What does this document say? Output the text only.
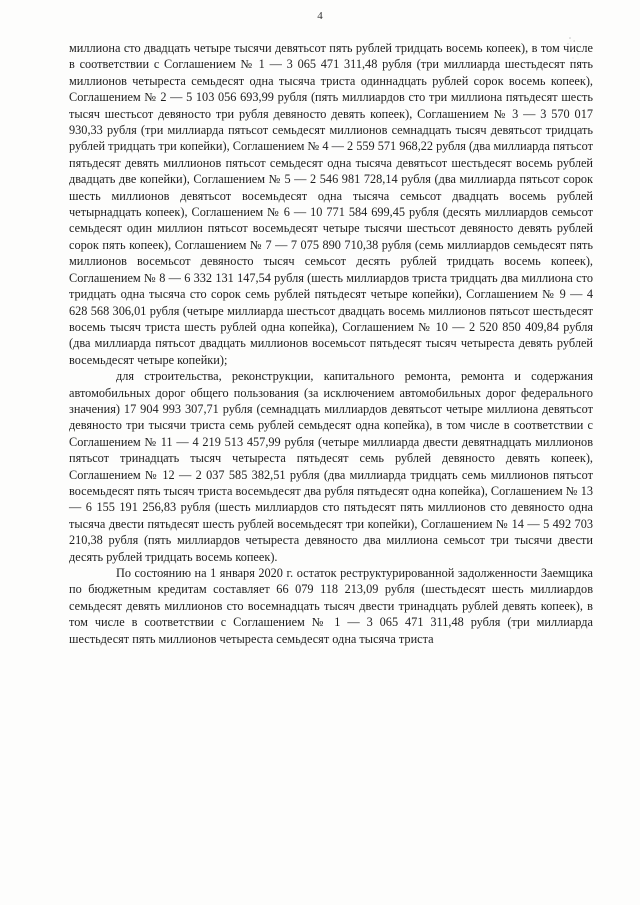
4

миллиона сто двадцать четыре тысячи девятьсот пять рублей тридцать восемь копеек), в том числе в соответствии с Соглашением № 1 — 3 065 471 311,48 рубля (три миллиарда шестьдесят пять миллионов четыреста семьдесят одна тысяча триста одиннадцать рублей сорок восемь копеек), Соглашением № 2 — 5 103 056 693,99 рубля (пять миллиардов сто три миллиона пятьдесят шесть тысяч шестьсот девяносто три рубля девяносто девять копеек), Соглашением № 3 — 3 570 017 930,33 рубля (три миллиарда пятьсот семьдесят миллионов семнадцать тысяч девятьсот тридцать рублей тридцать три копейки), Соглашением № 4 — 2 559 571 968,22 рубля (два миллиарда пятьсот пятьдесят девять миллионов пятьсот семьдесят одна тысяча девятьсот шестьдесят восемь рублей двадцать две копейки), Соглашением № 5 — 2 546 981 728,14 рубля (два миллиарда пятьсот сорок шесть миллионов девятьсот восемьдесят одна тысяча семьсот двадцать восемь рублей четырнадцать копеек), Соглашением № 6 — 10 771 584 699,45 рубля (десять миллиардов семьсот семьдесят один миллион пятьсот восемьдесят четыре тысячи шестьсот девяносто девять рублей сорок пять копеек), Соглашением № 7 — 7 075 890 710,38 рубля (семь миллиардов семьдесят пять миллионов восемьсот девяносто тысяч семьсот десять рублей тридцать восемь копеек), Соглашением № 8 — 6 332 131 147,54 рубля (шесть миллиардов триста тридцать два миллиона сто тридцать одна тысяча сто сорок семь рублей пятьдесят четыре копейки), Соглашением № 9 — 4 628 568 306,01 рубля (четыре миллиарда шестьсот двадцать восемь миллионов пятьсот шестьдесят восемь тысяч триста шесть рублей одна копейка), Соглашением № 10 — 2 520 850 409,84 рубля (два миллиарда пятьсот двадцать миллионов восемьсот пятьдесят тысяч четыреста девять рублей восемьдесят четыре копейки);

для строительства, реконструкции, капитального ремонта, ремонта и содержания автомобильных дорог общего пользования (за исключением автомобильных дорог федерального значения) 17 904 993 307,71 рубля (семнадцать миллиардов девятьсот четыре миллиона девятьсот девяносто три тысячи триста семь рублей семьдесят одна копейка), в том числе в соответствии с Соглашением № 11 — 4 219 513 457,99 рубля (четыре миллиарда двести девятнадцать миллионов пятьсот тринадцать тысяч четыреста пятьдесят семь рублей девяносто девять копеек), Соглашением № 12 — 2 037 585 382,51 рубля (два миллиарда тридцать семь миллионов пятьсот восемьдесят пять тысяч триста восемьдесят два рубля пятьдесят одна копейка), Соглашением № 13 — 6 155 191 256,83 рубля (шесть миллиардов сто пятьдесят пять миллионов сто девяносто одна тысяча двести пятьдесят шесть рублей восемьдесят три копейки), Соглашением № 14 — 5 492 703 210,38 рубля (пять миллиардов четыреста девяносто два миллиона семьсот три тысячи двести десять рублей тридцать восемь копеек).

По состоянию на 1 января 2020 г. остаток реструктурированной задолженности Заемщика по бюджетным кредитам составляет 66 079 118 213,09 рубля (шестьдесят шесть миллиардов семьдесят девять миллионов сто восемнадцать тысяч двести тринадцать рублей девять копеек), в том числе в соответствии с Соглашением № 1 — 3 065 471 311,48 рубля (три миллиарда шестьдесят пять миллионов четыреста семьдесят одна тысяча триста
